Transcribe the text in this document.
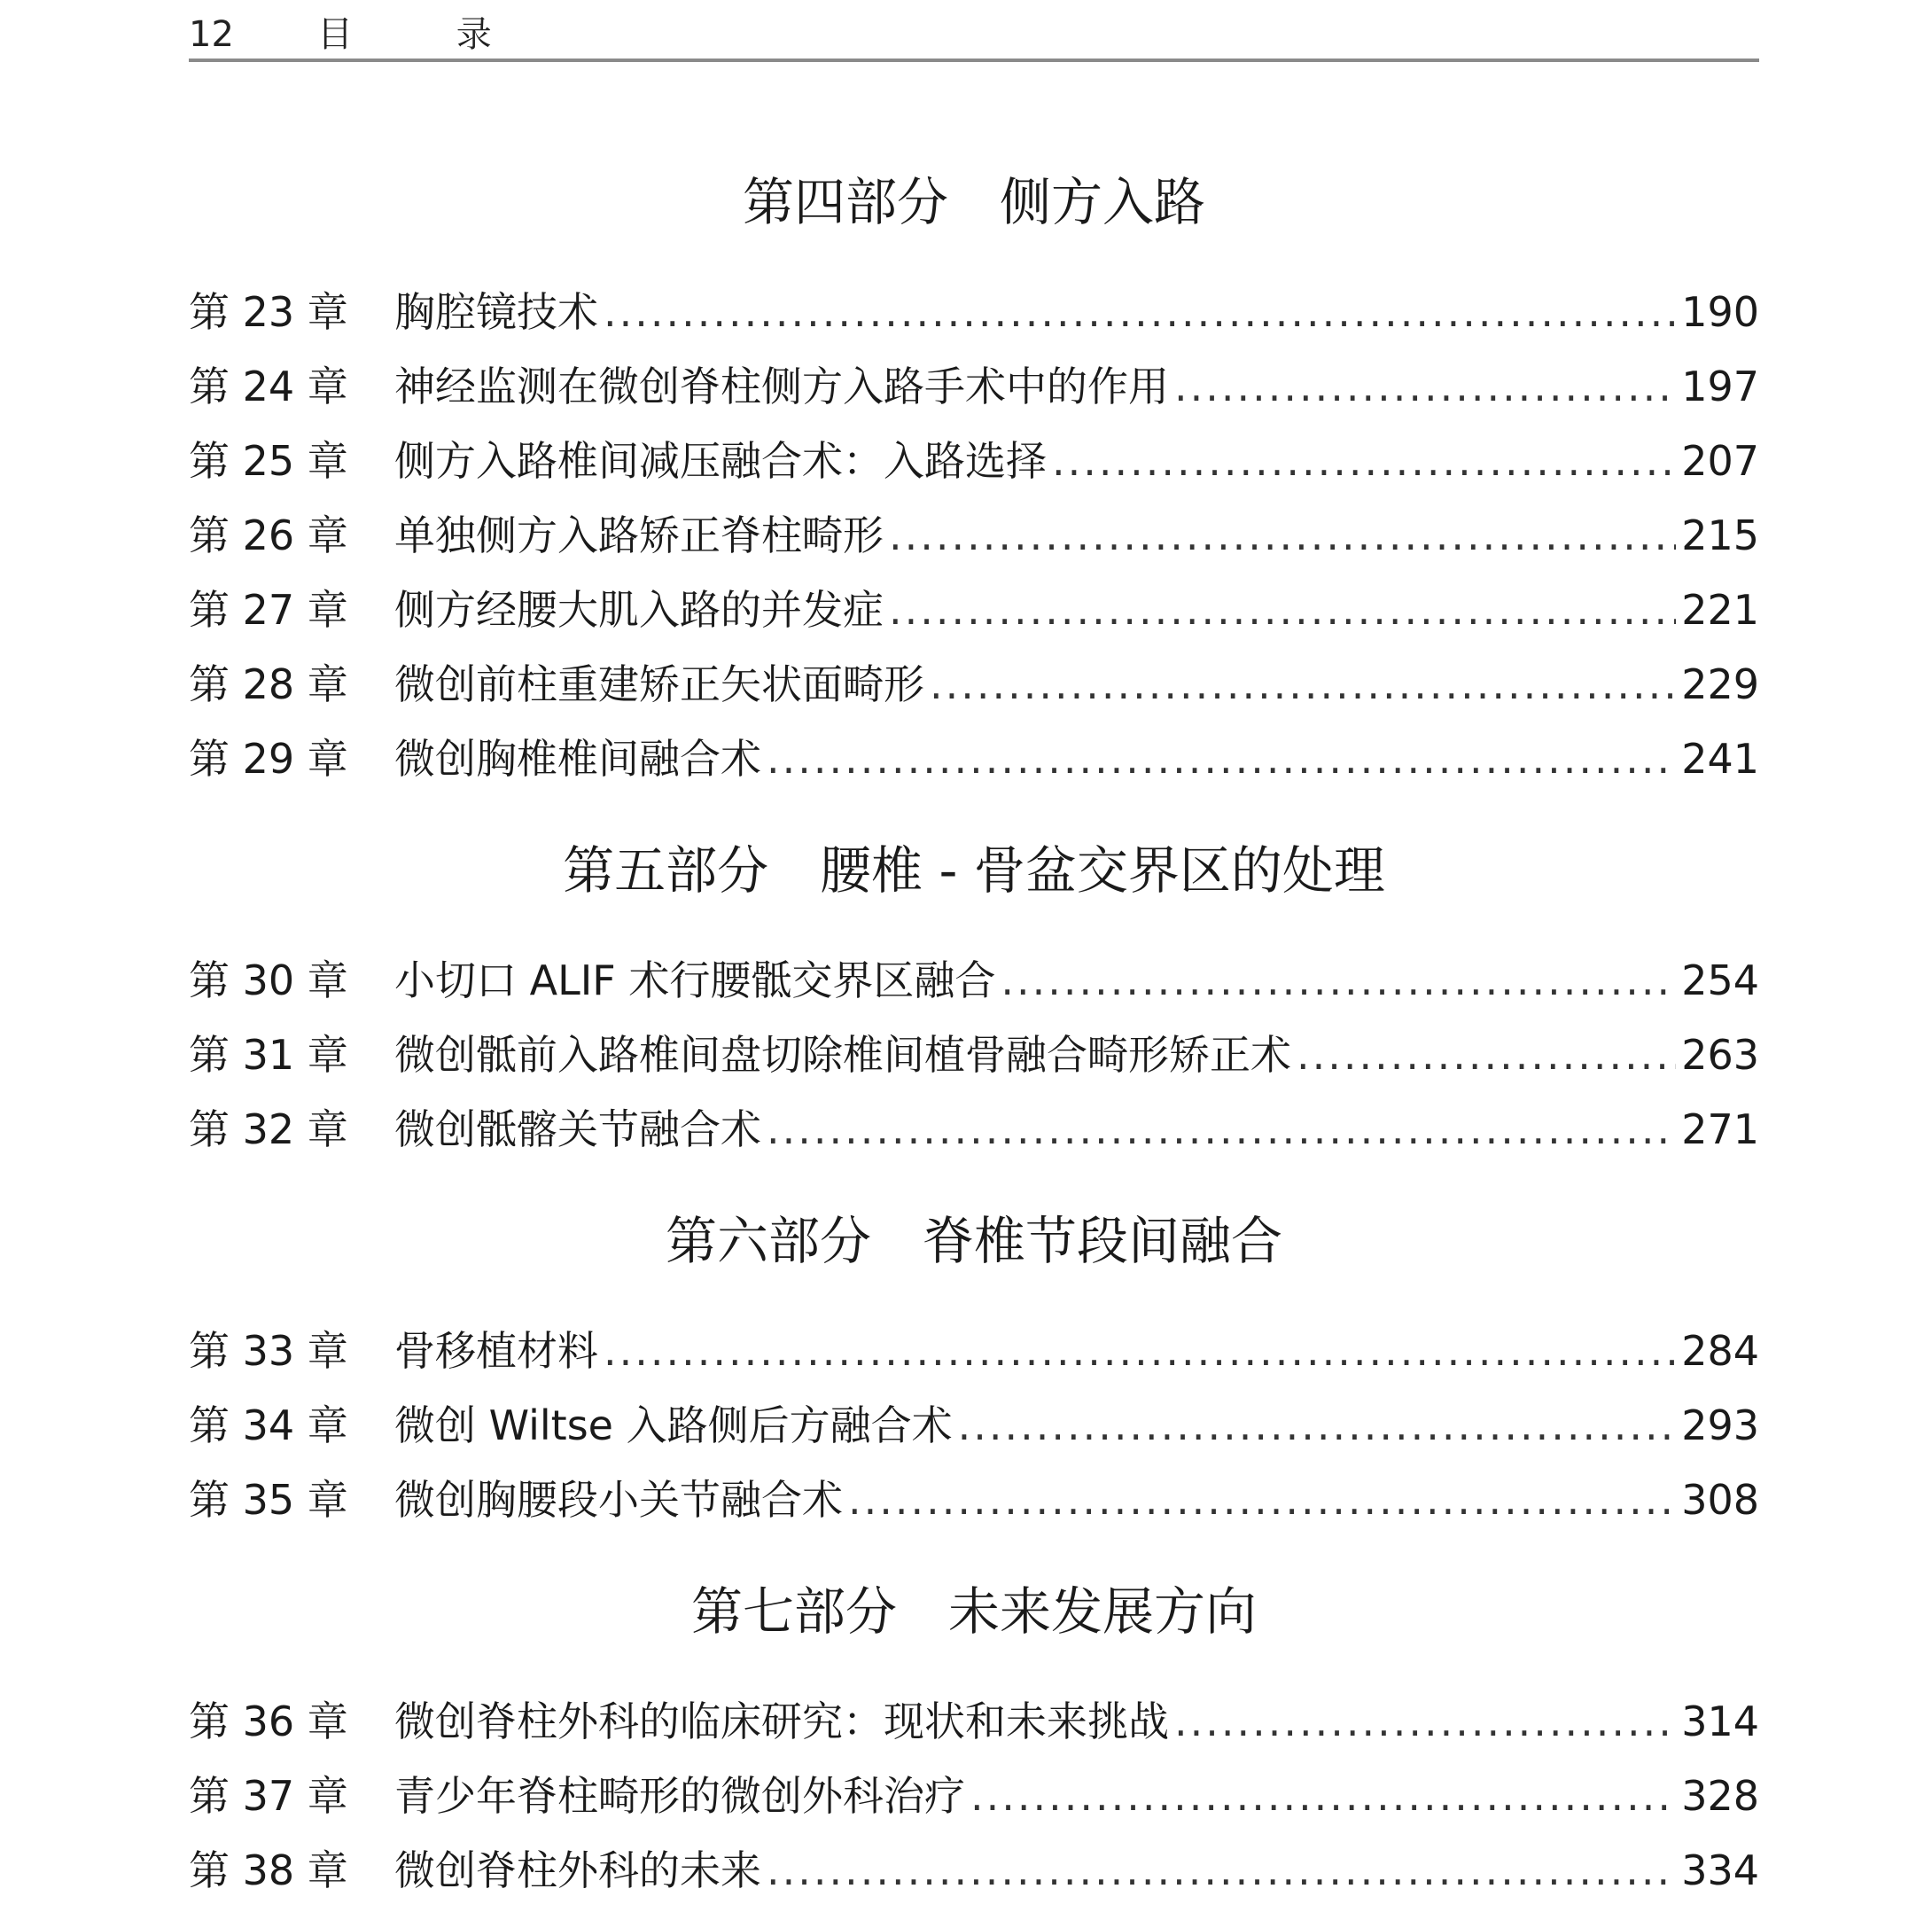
12 目 录
第四部分　侧方入路
第 23 章	胸腔镜技术 .....	190
第 24 章	神经监测在微创脊柱侧方入路手术中的作用 .....	197
第 25 章	侧方入路椎间减压融合术：入路选择 .....	207
第 26 章	单独侧方入路矫正脊柱畸形 .....	215
第 27 章	侧方经腰大肌入路的并发症 .....	221
第 28 章	微创前柱重建矫正矢状面畸形 .....	229
第 29 章	微创胸椎椎间融合术 .....	241
第五部分　腰椎 - 骨盆交界区的处理
第 30 章	小切口 ALIF 术行腰骶交界区融合 .....	254
第 31 章	微创骶前入路椎间盘切除椎间植骨融合畸形矫正术 .....	263
第 32 章	微创骶髂关节融合术 .....	271
第六部分　脊椎节段间融合
第 33 章	骨移植材料 .....	284
第 34 章	微创 Wiltse 入路侧后方融合术 .....	293
第 35 章	微创胸腰段小关节融合术 .....	308
第七部分　未来发展方向
第 36 章	微创脊柱外科的临床研究：现状和未来挑战 .....	314
第 37 章	青少年脊柱畸形的微创外科治疗 .....	328
第 38 章	微创脊柱外科的未来 .....	334
